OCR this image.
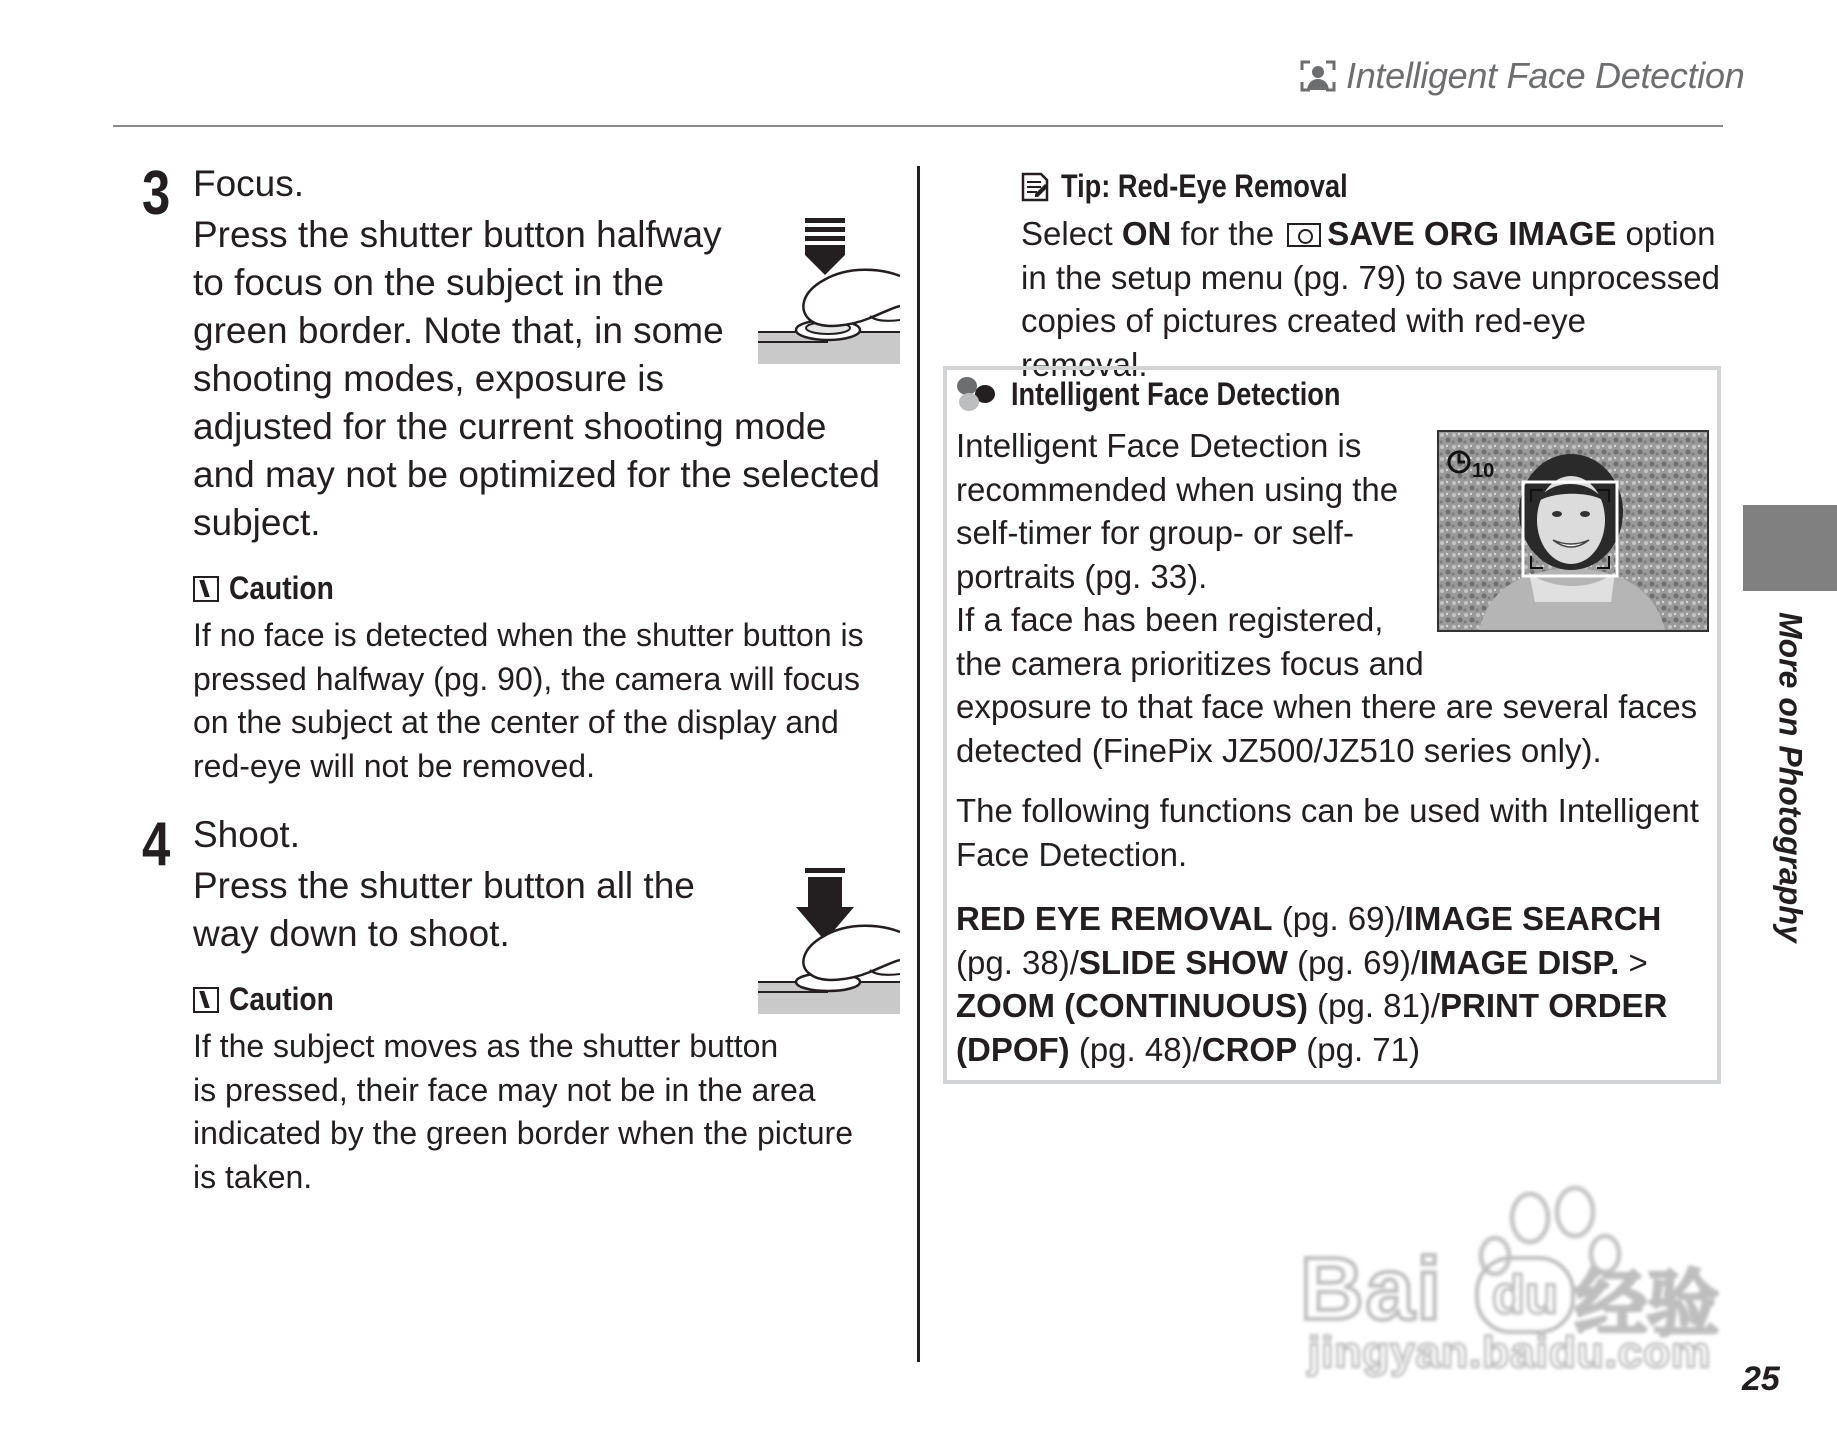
Intelligent Face Detection
3 Focus.
Press the shutter button halfway
to focus on the subject in the
green border. Note that, in some
shooting modes, exposure is
adjusted for the current shooting mode
and may not be optimized for the selected
subject.
Caution
If no face is detected when the shutter button is
pressed halfway (pg. 90), the camera will focus
on the subject at the center of the display and
red-eye will not be removed.
4 Shoot.
Press the shutter button all the
way down to shoot.
Caution
If the subject moves as the shutter button
is pressed, their face may not be in the area
indicated by the green border when the picture
is taken.
Tip: Red-Eye Removal
Select ON for the SAVE ORG IMAGE option
in the setup menu (pg. 79) to save unprocessed
copies of pictures created with red-eye removal.
Intelligent Face Detection
Intelligent Face Detection is
recommended when using the
self-timer for group- or self-
portraits (pg. 33).
If a face has been registered,
the camera prioritizes focus and
exposure to that face when there are several faces
detected (FinePix JZ500/JZ510 series only).
10
The following functions can be used with Intelligent
Face Detection.
RED EYE REMOVAL (pg. 69)/IMAGE SEARCH (pg. 38)/SLIDE SHOW (pg. 69)/IMAGE DISP. > ZOOM (CONTINUOUS) (pg. 81)/PRINT ORDER (DPOF) (pg. 48)/CROP (pg. 71)
More on Photography
25
Bai du 经验
jingyan.baidu.com
